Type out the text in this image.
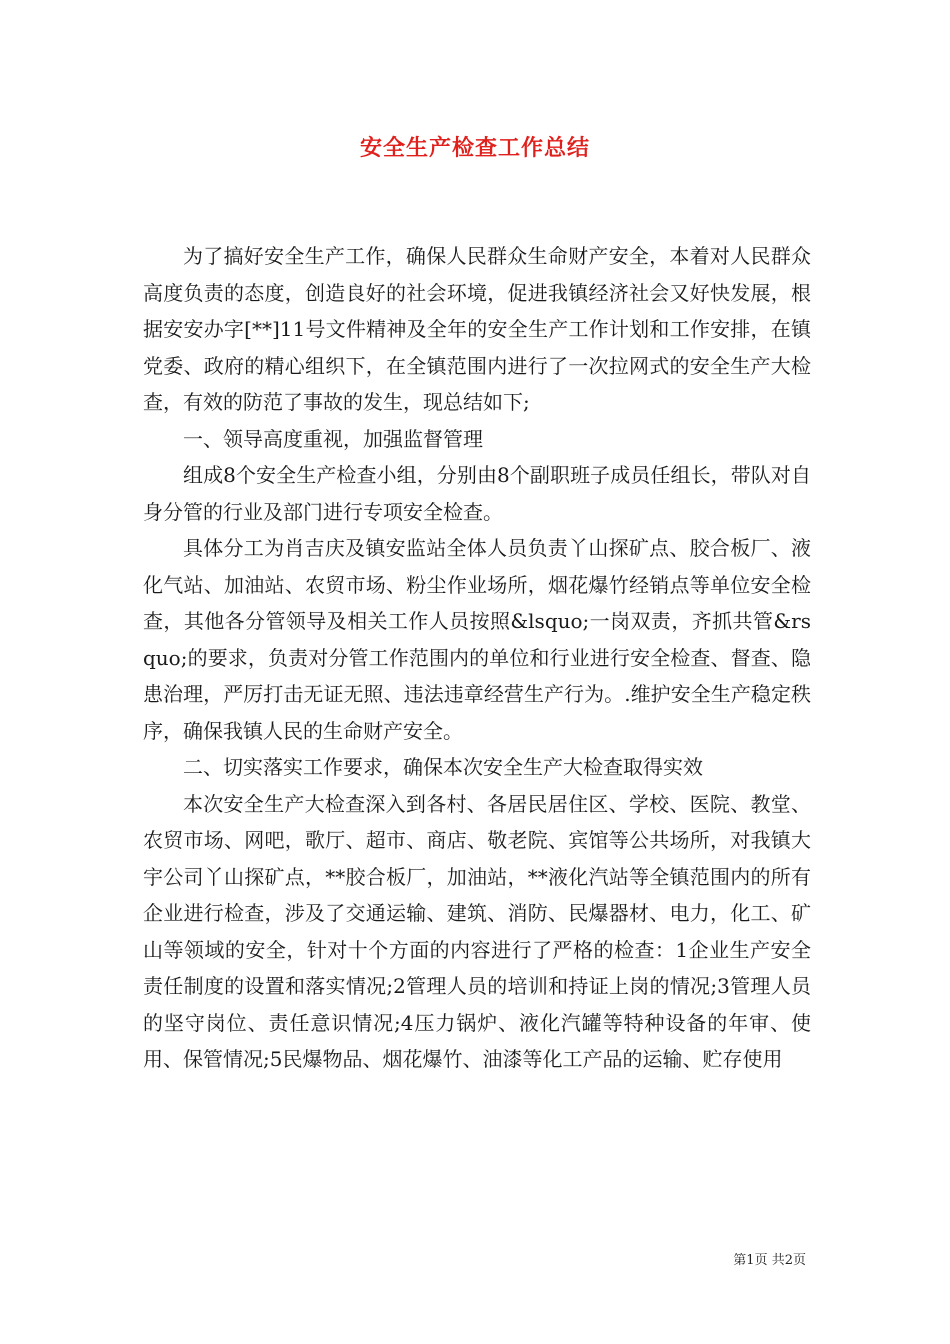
安全生产检查工作总结

为了搞好安全生产工作，确保人民群众生命财产安全，本着对人民群众高度负责的态度，创造良好的社会环境，促进我镇经济社会又好快发展，根据安安办字[**]11号文件精神及全年的安全生产工作计划和工作安排，在镇党委、政府的精心组织下，在全镇范围内进行了一次拉网式的安全生产大检查，有效的防范了事故的发生，现总结如下;

一、领导高度重视，加强监督管理

组成8个安全生产检查小组，分别由8个副职班子成员任组长，带队对自身分管的行业及部门进行专项安全检查。

具体分工为肖吉庆及镇安监站全体人员负责丫山探矿点、胶合板厂、液化气站、加油站、农贸市场、粉尘作业场所，烟花爆竹经销点等单位安全检查，其他各分管领导及相关工作人员按照&lsquo;一岗双责，齐抓共管&rsquo;的要求，负责对分管工作范围内的单位和行业进行安全检查、督查、隐患治理，严厉打击无证无照、违法违章经营生产行为。.维护安全生产稳定秩序，确保我镇人民的生命财产安全。

二、切实落实工作要求，确保本次安全生产大检查取得实效

本次安全生产大检查深入到各村、各居民居住区、学校、医院、教堂、农贸市场、网吧，歌厅、超市、商店、敬老院、宾馆等公共场所，对我镇大宇公司丫山探矿点，**胶合板厂，加油站，**液化汽站等全镇范围内的所有企业进行检查，涉及了交通运输、建筑、消防、民爆器材、电力，化工、矿山等领域的安全，针对十个方面的内容进行了严格的检查：1企业生产安全责任制度的设置和落实情况;2管理人员的培训和持证上岗的情况;3管理人员的坚守岗位、责任意识情况;4压力锅炉、液化汽罐等特种设备的年审、使用、保管情况;5民爆物品、烟花爆竹、油漆等化工产品的运输、贮存使用

第1页 共2页
